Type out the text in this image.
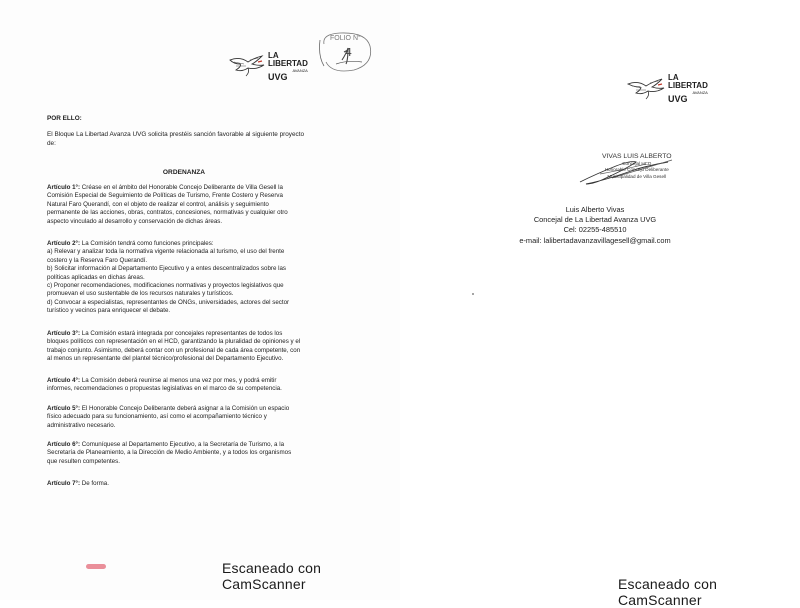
LA
LIBERTAD
AVANZA
UVG
FOLIO N°
4
POR ELLO:
El Bloque La Libertad Avanza UVG solicita prestéis sanción favorable al siguiente proyecto
de:
ORDENANZA
Artículo 1°: Créase en el ámbito del Honorable Concejo Deliberante de Villa Gesell la
Comisión Especial de Seguimiento de Políticas de Turismo, Frente Costero y Reserva
Natural Faro Querandí, con el objeto de realizar el control, análisis y seguimiento
permanente de las acciones, obras, contratos, concesiones, normativas y cualquier otro
aspecto vinculado al desarrollo y conservación de dichas áreas.
Artículo 2°: La Comisión tendrá como funciones principales:
a) Relevar y analizar toda la normativa vigente relacionada al turismo, el uso del frente
costero y la Reserva Faro Querandí.
b) Solicitar información al Departamento Ejecutivo y a entes descentralizados sobre las
políticas aplicadas en dichas áreas.
c) Proponer recomendaciones, modificaciones normativas y proyectos legislativos que
promuevan el uso sustentable de los recursos naturales y turísticos.
d) Convocar a especialistas, representantes de ONGs, universidades, actores del sector
turístico y vecinos para enriquecer el debate.
Artículo 3°: La Comisión estará integrada por concejales representantes de todos los
bloques políticos con representación en el HCD, garantizando la pluralidad de opiniones y el
trabajo conjunto. Asimismo, deberá contar con un profesional de cada área competente, con
al menos un representante del plantel técnico/profesional del Departamento Ejecutivo.
Artículo 4°: La Comisión deberá reunirse al menos una vez por mes, y podrá emitir
informes, recomendaciones o propuestas legislativas en el marco de su competencia.
Artículo 5°: El Honorable Concejo Deliberante deberá asignar a la Comisión un espacio
físico adecuado para su funcionamiento, así como el acompañamiento técnico y
administrativo necesario.
Artículo 6°: Comuníquese al Departamento Ejecutivo, a la Secretaría de Turismo, a la
Secretaría de Planeamiento, a la Dirección de Medio Ambiente, y a todos los organismos
que resulten competentes.
Artículo 7°: De forma.
Escaneado con CamScanner
LA
LIBERTAD
AVANZA
UVG
VIVAS LUIS ALBERTO
Concejal HCD
Honorable Concejo Deliberante
Municipalidad de Villa Gesell
Luis Alberto Vivas
Concejal de La Libertad Avanza UVG
Cel: 02255-485510
e-mail: lalibertadavanzavillagesell@gmail.com
Escaneado con CamScanner
